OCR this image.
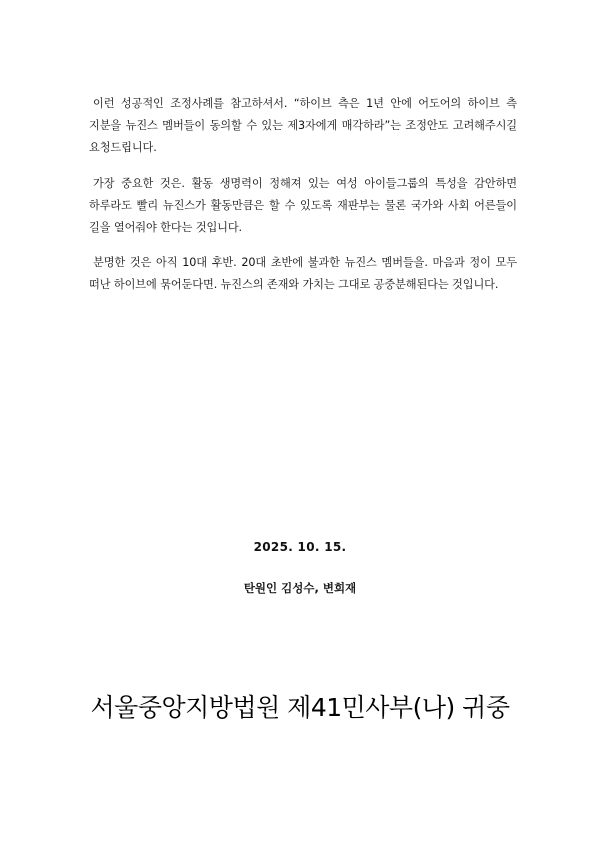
이런 성공적인 조정사례를 참고하셔서. “하이브 측은 1년 안에 어도어의 하이브 측 지분을 뉴진스 멤버들이 동의할 수 있는 제3자에게 매각하라”는 조정안도 고려해주시길 요청드립니다.

가장 중요한 것은. 활동 생명력이 정해져 있는 여성 아이들그룹의 특성을 감안하면 하루라도 빨리 뉴진스가 활동만큼은 할 수 있도록 재판부는 물론 국가와 사회 어른들이 길을 열어줘야 한다는 것입니다.

분명한 것은 아직 10대 후반. 20대 초반에 불과한 뉴진스 멤버들을. 마음과 정이 모두 떠난 하이브에 묶어둔다면. 뉴진스의 존재와 가치는 그대로 공중분해된다는 것입니다.

2025. 10. 15.

탄원인 김성수, 변희재

서울중앙지방법원 제41민사부(나) 귀중
